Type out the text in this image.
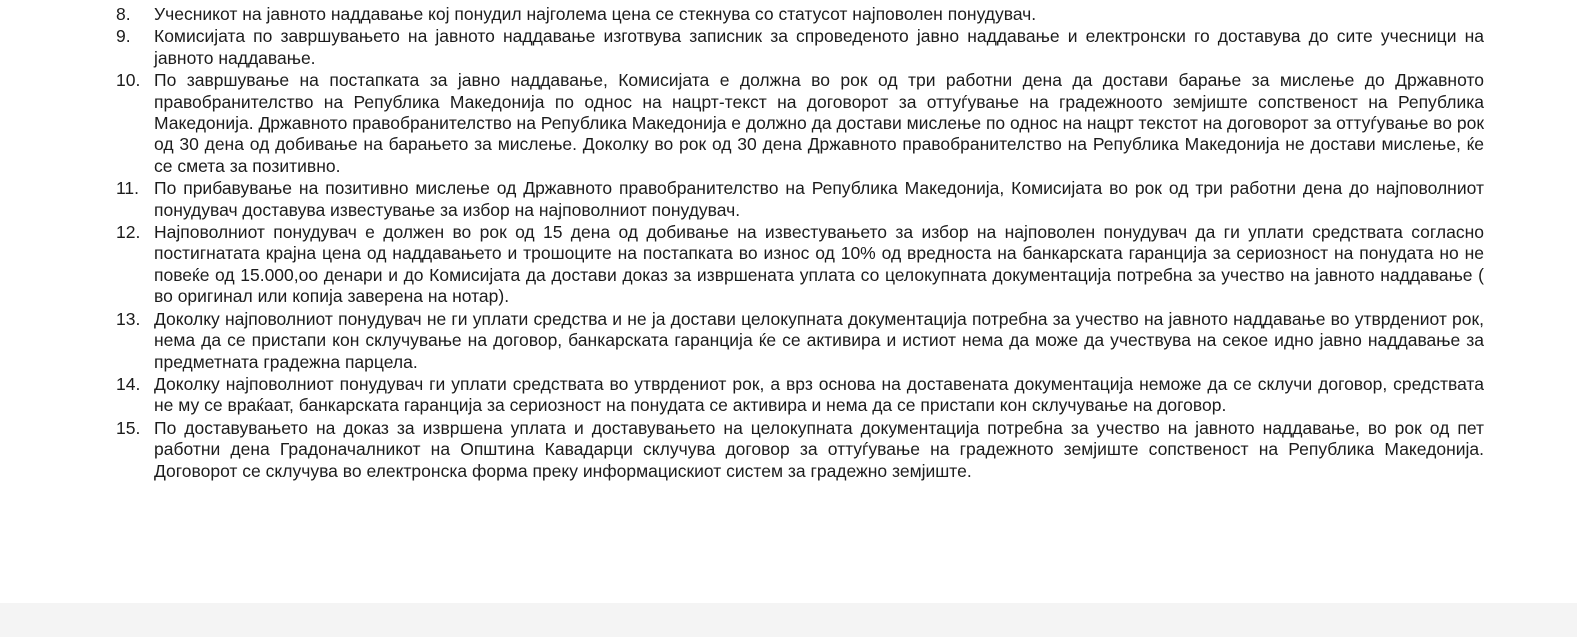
8. Учесникот на јавното наддавање кој понудил најголема цена се стекнува со статусот најповолен понудувач.
9. Комисијата по завршувањето на јавното наддавање изготвува записник за спроведеното јавно наддавање и електронски го доставува до сите учесници на јавното наддавање.
10. По завршување на постапката за јавно наддавање, Комисијата е должна во рок од три работни дена да достави барање за мислење до Државното правобранителство на Република Македонија по однос на нацрт-текст на договорот за оттуѓување на градежноото земјиште сопственост на Република Македонија. Државното правобранителство на Република Македонија е должно да достави мислење по однос на нацрт текстот на договорот за оттуѓување во рок од 30 дена од добивање на барањето за мислење. Доколку во рок од 30 дена Државното правобранителство на Република Македонија не достави мислење, ќе се смета за позитивно.
11. По прибавување на позитивно мислење од Државното правобранителство на Република Македонија, Комисијата во рок од три работни дена до најповолниот понудувач доставува известување за избор на најповолниот понудувач.
12. Најповолниот понудувач е должен во рок од 15 дена од добивање на известувањето за избор на најповолен понудувач да ги уплати средствата согласно постигнатата крајна цена од наддавањето и трошоците на постапката во износ од 10% од вредноста на банкарската гаранција за сериозност на понудата но не повеќе од 15.000,оо денари и до Комисијата да достави доказ за извршената уплата со целокупната документација потребна за учество на јавното наддавање ( во оригинал или копија заверена на нотар).
13. Доколку најповолниот понудувач не ги уплати средства и не ја достави целокупната документација потребна за учество на јавното наддавање во утврдениот рок, нема да се пристапи кон склучување на договор, банкарската гаранција ќе се активира и истиот нема да може да учествува на секое идно јавно наддавање за предметната градежна парцела.
14. Доколку најповолниот понудувач ги уплати средствата во утврдениот рок, а врз основа на доставената документација неможе да се склучи договор, средствата не му се враќаат, банкарската гаранција за сериозност на понудата се активира и нема да се пристапи кон склучување на договор.
15. По доставувањето на доказ за извршена уплата и доставувањето на целокупната документација потребна за учество на јавното наддавање, во рок од пет работни дена Градоначалникот на Општина Кавадарци склучува договор за оттуѓување на градежното земјиште сопственост на Република Македонија. Договорот се склучува во електронска форма преку информацискиот систем за градежно земјиште.
